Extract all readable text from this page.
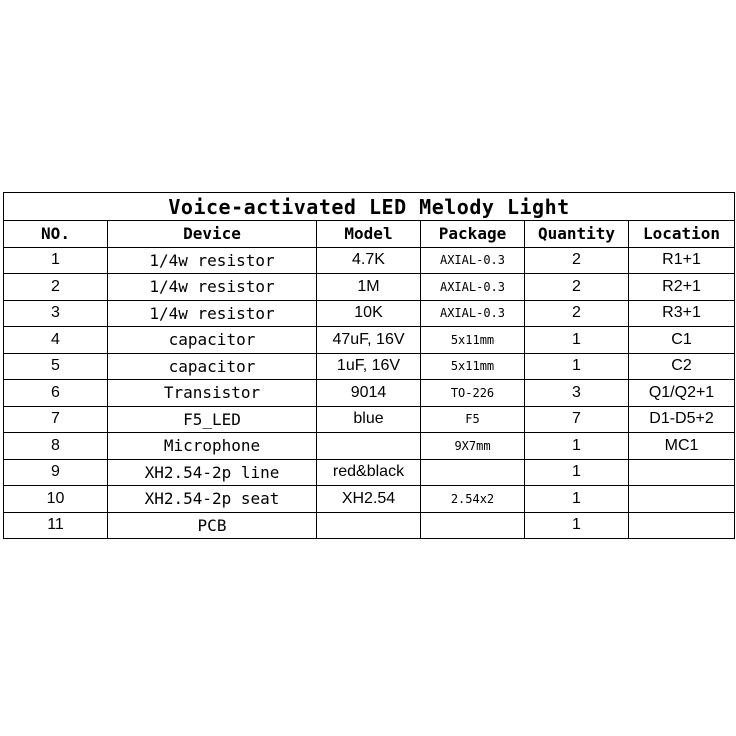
Voice-activated LED Melody Light					
NO.	Device	Model	Package	Quantity	Location
1	1/4w resistor	4.7K	AXIAL-0.3	2	R1+1
2	1/4w resistor	1M	AXIAL-0.3	2	R2+1
3	1/4w resistor	10K	AXIAL-0.3	2	R3+1
4	capacitor	47uF, 16V	5x11mm	1	C1
5	capacitor	1uF, 16V	5x11mm	1	C2
6	Transistor	9014	TO-226	3	Q1/Q2+1
7	F5_LED	blue	F5	7	D1-D5+2
8	Microphone		9X7mm	1	MC1
9	XH2.54-2p line	red&black		1	
10	XH2.54-2p seat	XH2.54	2.54x2	1	
11	PCB			1	
